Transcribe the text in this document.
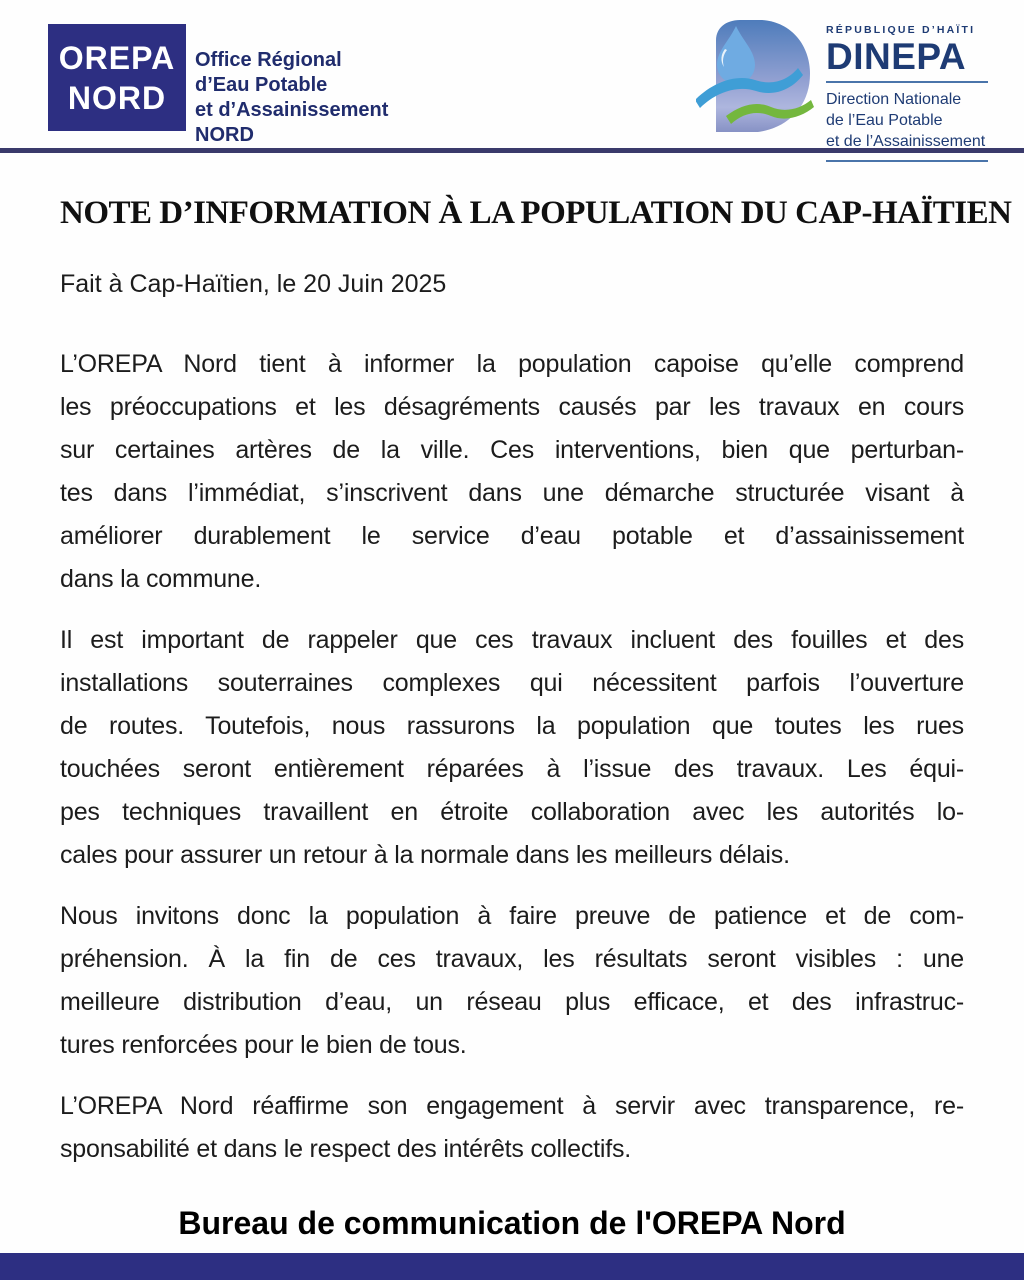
OREPA
NORD
Office Régional
d’Eau Potable
et d’Assainissement
NORD
RÉPUBLIQUE D’HAÏTI
DINEPA
Direction Nationale
de l’Eau Potable
et de l’Assainissement
NOTE D’INFORMATION À LA POPULATION DU CAP-HAÏTIEN

Fait à Cap-Haïtien, le 20 Juin 2025

L’OREPA Nord tient à informer la population capoise qu’elle comprend
les préoccupations et les désagréments causés par les travaux en cours
sur certaines artères de la ville. Ces interventions, bien que perturban-
tes dans l’immédiat, s’inscrivent dans une démarche structurée visant à
améliorer durablement le service d’eau potable et d’assainissement
dans la commune.
Il est important de rappeler que ces travaux incluent des fouilles et des
installations souterraines complexes qui nécessitent parfois l’ouverture
de routes. Toutefois, nous rassurons la population que toutes les rues
touchées seront entièrement réparées à l’issue des travaux. Les équi-
pes techniques travaillent en étroite collaboration avec les autorités lo-
cales pour assurer un retour à la normale dans les meilleurs délais.
Nous invitons donc la population à faire preuve de patience et de com-
préhension. À la fin de ces travaux, les résultats seront visibles : une
meilleure distribution d’eau, un réseau plus efficace, et des infrastruc-
tures renforcées pour le bien de tous.
L’OREPA Nord réaffirme son engagement à servir avec transparence, re-
sponsabilité et dans le respect des intérêts collectifs.
Bureau de communication de l'OREPA Nord
